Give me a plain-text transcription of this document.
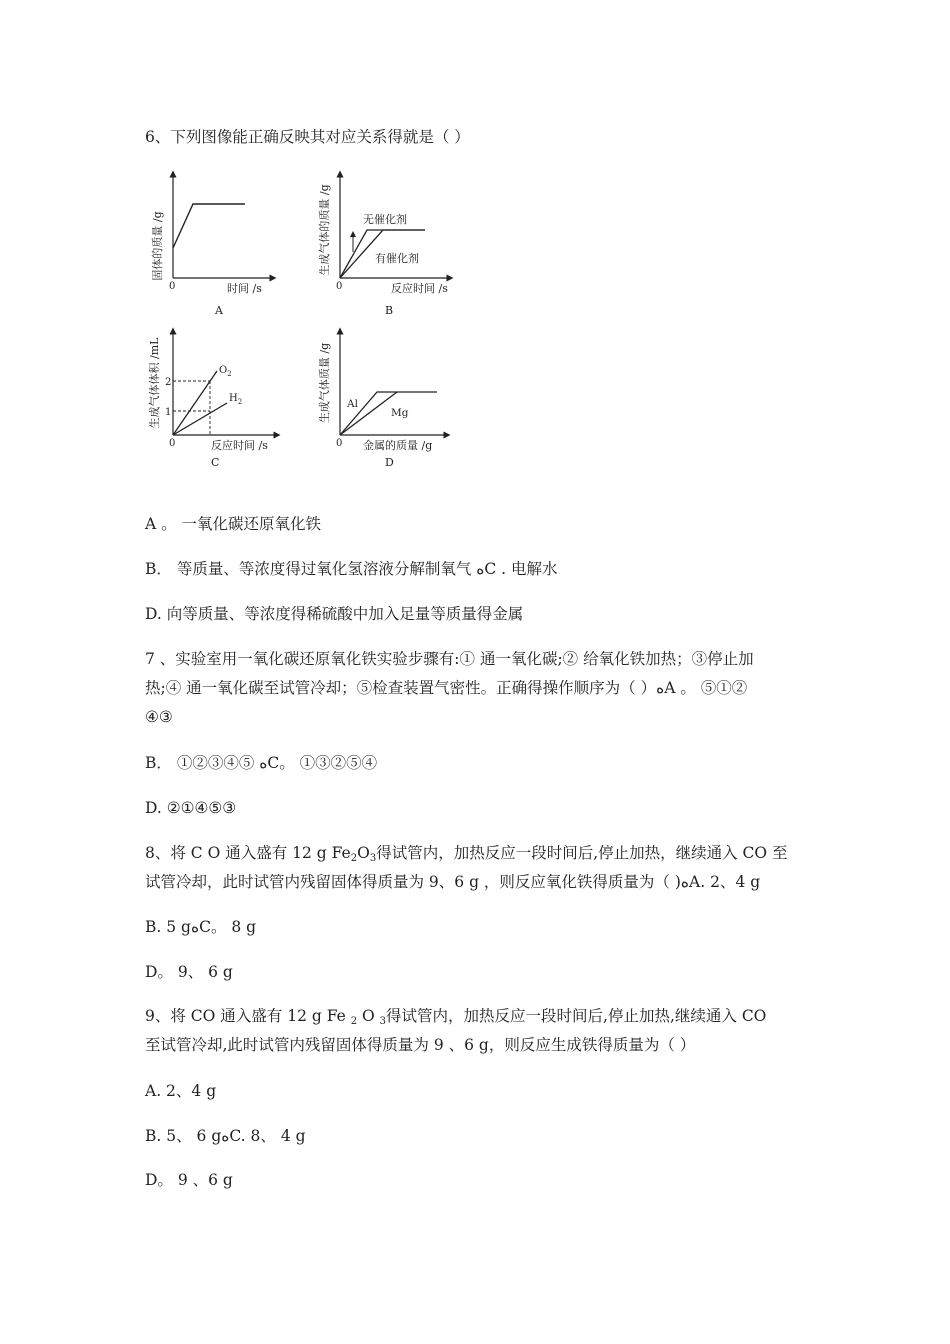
6、下列图像能正确反映其对应关系得就是（ ）
固体的质量 /g
时间 /s
0
A
生成气体的质量 /g	无催化剂
有催化剂
反应时间 /s
0
B
2
1
生成气体体积 /mL	$O_2$
$H_2$
反应时间 /s
0
C
生成气体质量 /g Al
Mg
金属的质量 /g
0
D
A 。 一氧化碳还原氧化铁
B． 等质量、等浓度得过氧化氢溶液分解制氧气 ﻩC . 电解水
D. 向等质量、等浓度得稀硫酸中加入足量等质量得金属
7 、实验室用一氧化碳还原氧化铁实验步骤有:① 通一氧化碳;② 给氧化铁加热；③停止加
热;④ 通一氧化碳至试管冷却；⑤检查装置气密性。正确得操作顺序为（ ）ﻩA 。 ⑤①②
④③
B． ①②③④⑤ ﻩC。 ①③②⑤④
D. ②①④⑤③
8、将 C O 通入盛有 12 g $Fe_2O_3$得试管内，加热反应一段时间后,停止加热，继续通入 CO 至
试管冷却，此时试管内残留固体得质量为 9、6 g ，则反应氧化铁得质量为（ )ﻩA. 2、4 g
B. 5 gﻩC。 8 g
D。 9、 6 g
9、将 CO 通入盛有 12 g Fe $_2$ O $_3$得试管内，加热反应一段时间后,停止加热,继续通入 CO
至试管冷却,此时试管内残留固体得质量为 9 、6 g，则反应生成铁得质量为（ ）
A. 2、4 g
B. 5、 6 gﻩC. 8、 4 g
D。 9 、6 g
